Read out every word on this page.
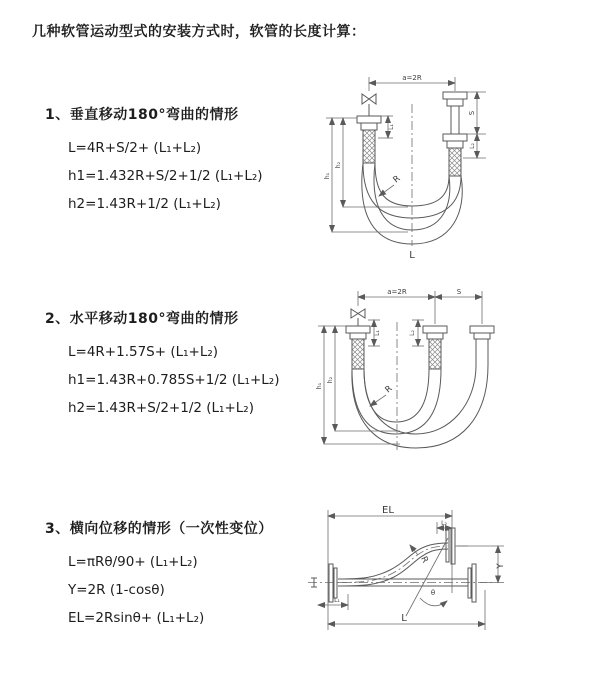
几种软管运动型式的安装方式时，软管的长度计算：
1、垂直移动180°弯曲的情形
L=4R+S/2+ (L₁+L₂)
h1=1.432R+S/2+1/2 (L₁+L₂)
h2=1.43R+1/2 (L₁+L₂)
2、水平移动180°弯曲的情形
L=4R+1.57S+ (L₁+L₂)
h1=1.43R+0.785S+1/2 (L₁+L₂)
h2=1.43R+S/2+1/2 (L₁+L₂)
3、横向位移的情形（一次性变位）
L=πRθ/90+ (L₁+L₂)
Y=2R (1-cosθ)
EL=2Rsinθ+ (L₁+L₂)
a=2R
R
L
S
L₂
L₁
h₁
h₂
a=2R	S
R
L₁	L₂
h₁
h₂
EL
L₂
Y
R
θ
L₁
L
